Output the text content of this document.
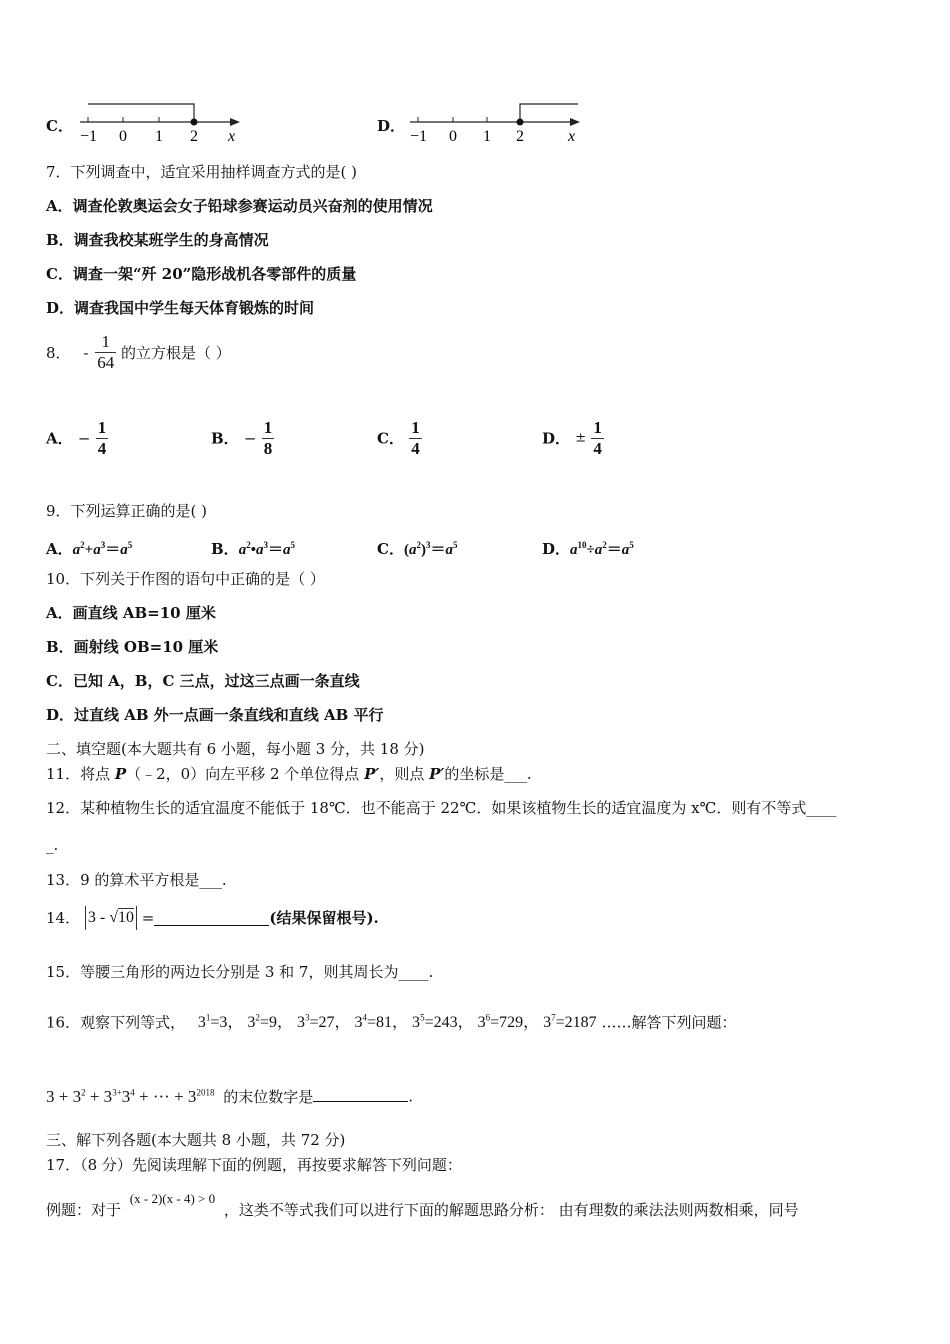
C．
−1 0 1 2 x
D．
−1 0 1 2	x
7．下列调查中，适宜采用抽样调查方式的是( )
A．调查伦敦奥运会女子铅球参赛运动员兴奋剂的使用情况
B．调查我校某班学生的身高情况
C．调查一架“歼 20”隐形战机各零部件的质量
D．调查我国中学生每天体育锻炼的时间
8． - $\frac{1}{64}$ 的立方根是（ ）
A． − $\frac{1}{4}$	B． − $\frac{1}{8}$	C． $\frac{1}{4}$	D． ± $\frac{1}{4}$
9．下列运算正确的是( )
A．$a^2+a^3=a^5$	B．$a^2•a^3=a^5$	C．$(a^2)^3=a^5$	D．$a^{10}\div a^2=a^5$
10．下列关于作图的语句中正确的是（ ）
A．画直线 AB=10 厘米
B．画射线 OB=10 厘米
C．已知 A，B，C 三点，过这三点画一条直线
D．过直线 AB 外一点画一条直线和直线 AB 平行
二、填空题(本大题共有 6 小题，每小题 3 分，共 18 分)
11．将点 P（﹣2，0）向左平移 2 个单位得点 P′，则点 P′的坐标是___.
12．某种植物生长的适宜温度不能低于 18℃．也不能高于 22℃．如果该植物生长的适宜温度为 x℃．则有不等式____
_.
13．9 的算术平方根是___.
14． 3 - √10 =	(结果保留根号).
15．等腰三角形的两边长分别是 3 和 7，则其周长为____.
16．观察下列等式，   $3^1=3$， $3^2=9$， $3^3=27$， $3^4=81$， $3^5=243$， $3^6=729$， $3^7=2187$ ……解答下列问题：
$3 + 3^2 + 3^{3+}3^4$ + ··· + $3^{2018}$ 的末位数字是	.
三、解下列各题(本大题共 8 小题，共 72 分)
17．（8 分）先阅读理解下面的例题，再按要求解答下列问题：
例题：对于 (x - 2)(x - 4) > 0 ，这类不等式我们可以进行下面的解题思路分析： 由有理数的乘法法则两数相乘，同号
